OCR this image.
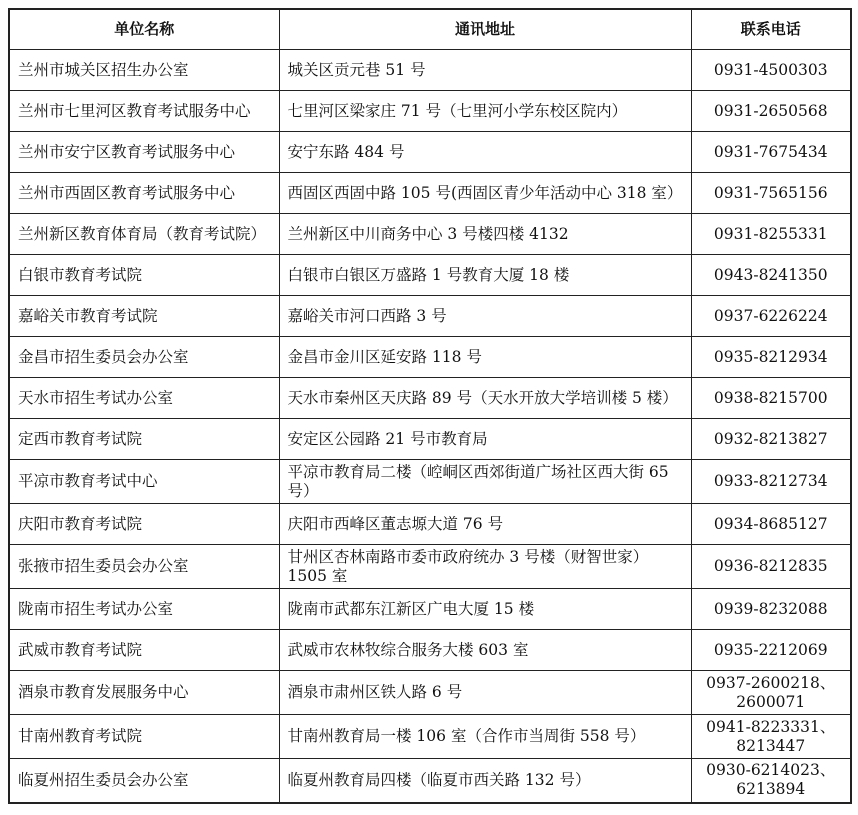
单位名称	通讯地址	联系电话
兰州市城关区招生办公室	城关区贡元巷 51 号	0931-4500303

兰州市七里河区教育考试服务中心	七里河区梁家庄 71 号（七里河小学东校区院内）	0931-2650568

兰州市安宁区教育考试服务中心	安宁东路 484 号	0931-7675434

兰州市西固区教育考试服务中心	西固区西固中路 105 号(西固区青少年活动中心 318 室）	0931-7565156

兰州新区教育体育局（教育考试院）	兰州新区中川商务中心 3 号楼四楼 4132	0931-8255331

白银市教育考试院	白银市白银区万盛路 1 号教育大厦 18 楼	0943-8241350

嘉峪关市教育考试院	嘉峪关市河口西路 3 号	0937-6226224

金昌市招生委员会办公室	金昌市金川区延安路 118 号	0935-8212934

天水市招生考试办公室	天水市秦州区天庆路 89 号（天水开放大学培训楼 5 楼）	0938-8215700

定西市教育考试院	安定区公园路 21 号市教育局	0932-8213827

平凉市教育考试中心	平凉市教育局二楼（崆峒区西郊街道广场社区西大街 65 号）	0933-8212734

庆阳市教育考试院	庆阳市西峰区董志塬大道 76 号	0934-8685127

张掖市招生委员会办公室	甘州区杏林南路市委市政府统办 3 号楼（财智世家）1505 室	0936-8212835

陇南市招生考试办公室	陇南市武都东江新区广电大厦 15 楼	0939-8232088

武威市教育考试院	武威市农林牧综合服务大楼 603 室	0935-2212069

酒泉市教育发展服务中心	酒泉市肃州区铁人路 6 号	0937-2600218、
2600071

甘南州教育考试院	甘南州教育局一楼 106 室（合作市当周街 558 号）	0941-8223331、
8213447

临夏州招生委员会办公室	临夏州教育局四楼（临夏市西关路 132 号）	0930-6214023、
6213894
